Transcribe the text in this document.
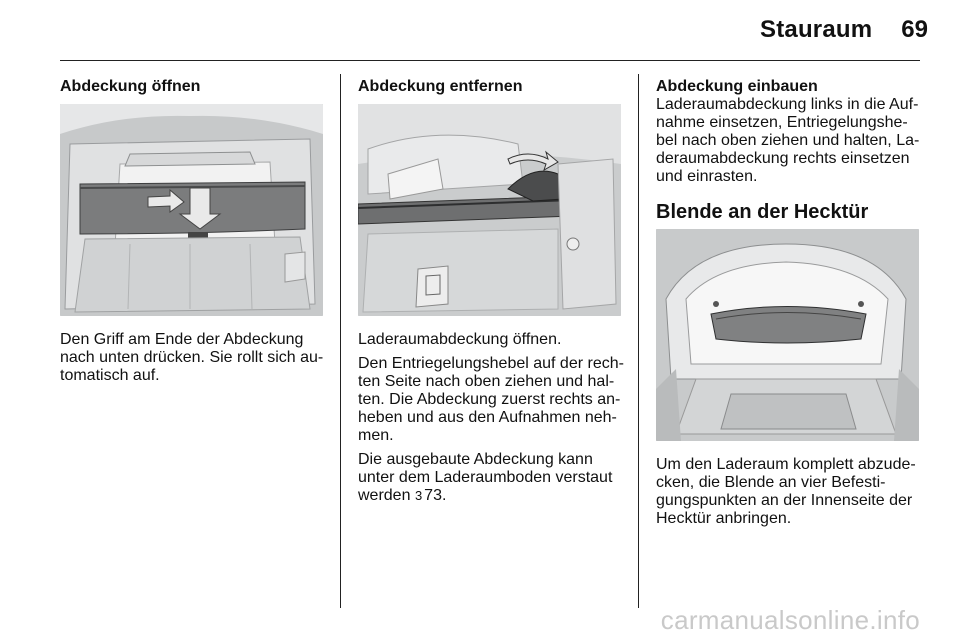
Stauraum	69
Abdeckung öffnen

Den Griff am Ende der Abdeckung
nach unten drücken. Sie rollt sich au-
tomatisch auf.

Abdeckung entfernen

Laderaumabdeckung öffnen.

Den Entriegelungshebel auf der rech-
ten Seite nach oben ziehen und hal-
ten. Die Abdeckung zuerst rechts an-
heben und aus den Aufnahmen neh-
men.

Die ausgebaute Abdeckung kann
unter dem Laderaumboden verstaut
werden 3 73.

Abdeckung einbauen

Laderaumabdeckung links in die Auf-
nahme einsetzen, Entriegelungshe-
bel nach oben ziehen und halten, La-
deraumabdeckung rechts einsetzen
und einrasten.

Blende an der Hecktür

Um den Laderaum komplett abzude-
cken, die Blende an vier Befesti-
gungspunkten an der Innenseite der
Hecktür anbringen.

carmanualsonline.info
